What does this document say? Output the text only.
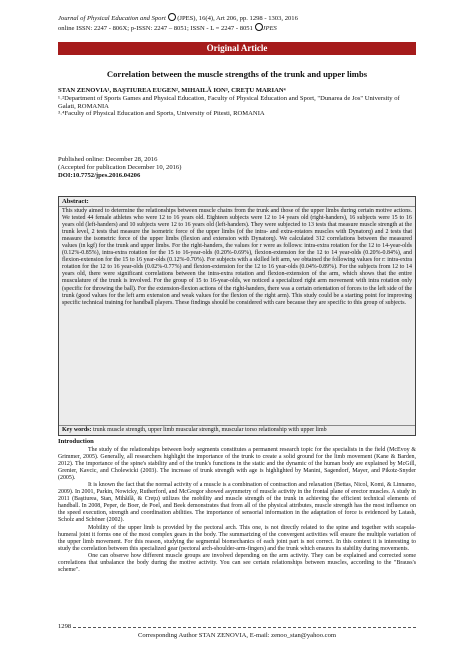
Journal of Physical Education and Sport (JPES), 16(4), Art 206, pp. 1298 - 1303, 2016
online ISSN: 2247 - 806X; p-ISSN: 2247 – 8051; ISSN - L = 2247 - 8051 JPES
Original Article
Correlation between the muscle strengths of the trunk and upper limbs
STAN ZENOVIA¹, BAŞTIUREA EUGEN², MIHAILĂ ION³, CREŢU MARIAN⁴
¹˒²Department of Sports Games and Physical Education, Faculty of Physical Education and Sport, "Dunarea de Jos" University of Galati, ROMANIA
³˒⁴Faculty of Physical Education and Sports, University of Pitesti, ROMANIA
Published online: December 28, 2016
(Accepted for publication December 10, 2016)
DOI:10.7752/jpes.2016.04206
Abstract:
This study aimed to determine the relationships between muscle chains from the trunk and those of the upper limbs during certain motive actions. We tested 44 female athletes who were 12 to 16 years old. Eighteen subjects were 12 to 14 years old (right-handers), 16 subjects were 15 to 16 years old (left-handers) and 10 subjects were 12 to 16 years old (left-handers). They were subjected to 13 tests that measure muscle strength at the trunk level, 2 tests that measure the isometric force of the upper limbs (of the intra- and extra-rotators muscles with Dynatorq) and 2 tests that measure the isometric force of the upper limbs (flexion and extension with Dynatorq). We calculated 312 correlations between the measured values (in kgf) for the trunk and upper limbs. For the right-handers, the values for r were as follows: intra-extra rotation for the 12 to 14-year-olds (0.12%-0.85%), intra-extra rotation for the 15 to 16-year-olds (0.20%-0.69%), flexion-extension for the 12 to 14 year-olds (0.20%-0.84%), and flexion-extension for the 15 to 16 year-olds (0.12%-0.70%). For subjects with a skilled left arm, we obtained the following values for r: intra-extra rotation for the 12 to 16 year-olds (0.02%-0.77%) and flexion-extension for the 12 to 16 year-olds (0.04%-0.89%). For the subjects from 12 to 14 years old, there were significant correlations between the intra-extra rotation and flexion-extension of the arm, which shows that the entire musculature of the trunk is involved. For the group of 15 to 16-year-olds, we noticed a specialized right arm movement with intra rotation only (specific for throwing the ball). For the extension-flexion actions of the right-handers, there was a certain orientation of forces to the left side of the trunk (good values for the left arm extension and weak values for the flexion of the right arm). This study could be a starting point for improving specific technical training for handball players. These findings should be considered with care because they are specific to this group of subjects.
Key words: trunk muscle strength, upper limb muscular strength, muscular torso relationship with upper limb
Introduction

The study of the relationships between body segments constitutes a permanent research topic for the specialists in the field (McEvoy & Grimmer, 2005). Generally, all researchers highlight the importance of the trunk to create a solid ground for the limb movement (Kane & Barden, 2012). The importance of the spine's stability and of the trunk's functions in the static and the dynamic of the human body are explained by McGill, Grenier, Kavcic, and Cholewicki (2003). The increase of trunk strength with age is highlighted by Manini, Sagendorf, Mayer, and Pikotz-Snyder (2005).

It is known the fact that the normal activity of a muscle is a combination of contraction and relaxation (Bettas, Nicol, Komi, & Linnamo, 2009). In 2001, Parkin, Nowicky, Rutherford, and McGregor showed asymmetry of muscle activity in the frontal plane of erector muscles. A study in 2011 (Baştiurea, Stan, Mihăilă, & Creţu) utilizes the mobility and muscle strength of the trunk in achieving the efficient technical elements of handball. In 2008, Peper, de Boer, de Poel, and Beek demonstrates that from all of the physical attributes, muscle strength has the most influence on the speed execution, strength and coordination abilities. The importance of sensorial information in the adaptation of force is evidenced by Latash, Scholz and Schöner (2002).

Mobility of the upper limb is provided by the pectoral arch. This one, is not directly related to the spine and together with scapula-humeral joint it forms one of the most complex gears in the body. The summarizing of the convergent activities will ensure the multiple variation of the upper limb movement. For this reason, studying the segmental biomechanics of each joint part is not correct. In this context it is interesting to study the correlation between this specialized gear (pectoral arch-shoulder-arm-fingers) and the trunk which ensures its stability during movements.

One can observe how different muscle groups are involved depending on the arm activity. They can be explained and corrected some correlations that unbalance the body during the motive activity. You can see certain relationships between muscles, according to the "Brauss's scheme".

1298
Corresponding Author STAN ZENOVIA, E-mail: zenoo_stan@yahoo.com
